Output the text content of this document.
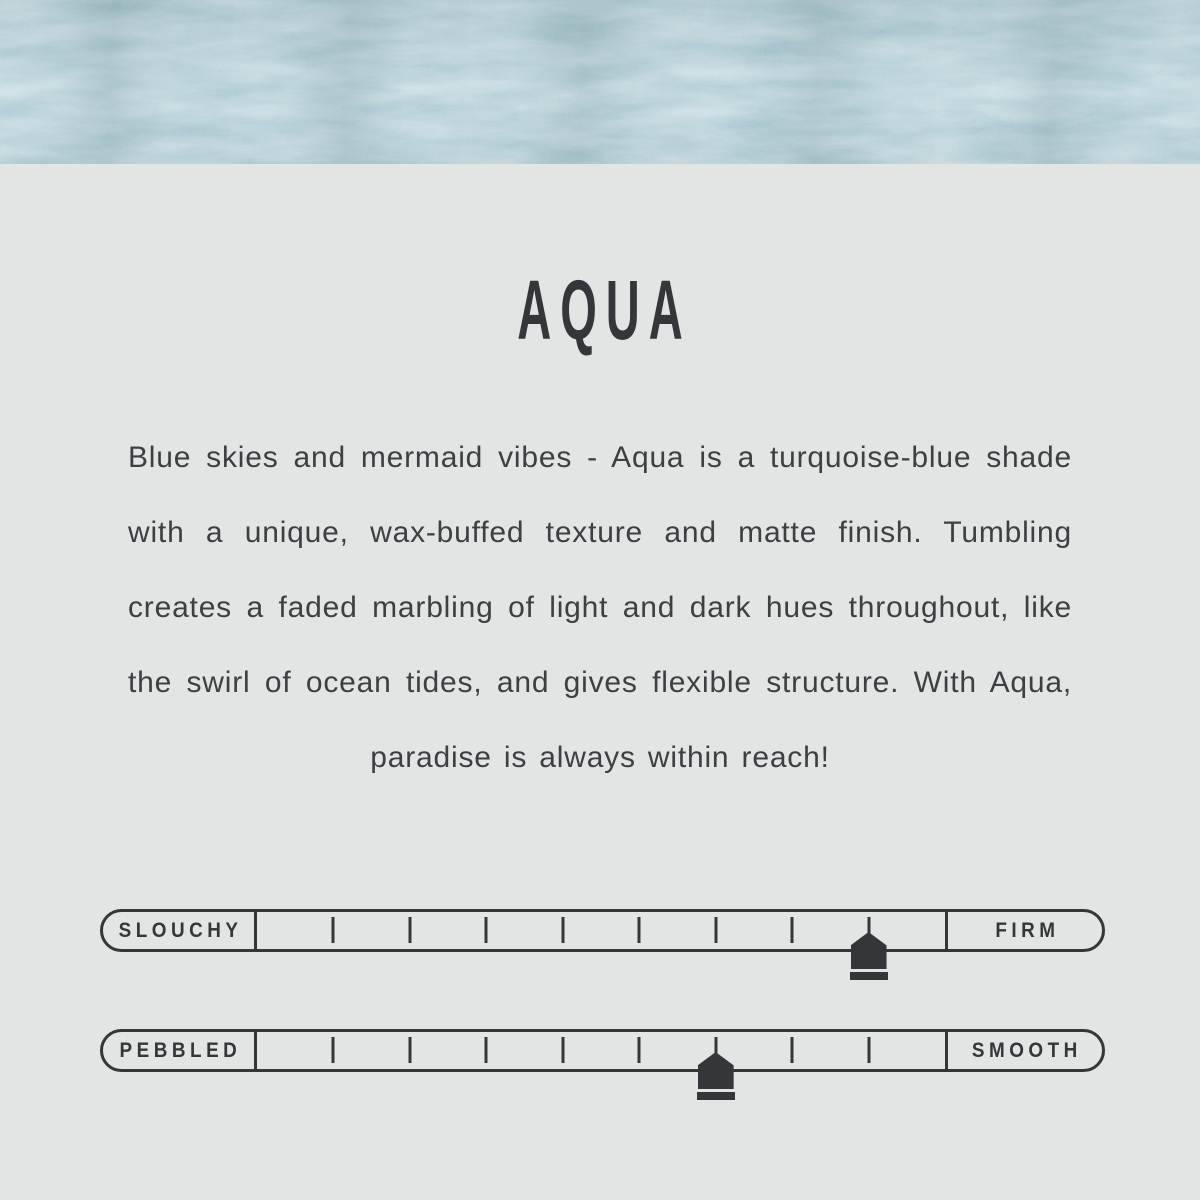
AQUA

Blue skies and mermaid vibes - Aqua is a turquoise-blue shade with a unique, wax-buffed texture and matte finish. Tumbling creates a faded marbling of light and dark hues throughout, like the swirl of ocean tides, and gives flexible structure. With Aqua, paradise is always within reach!

SLOUCHY	FIRM
PEBBLED	SMOOTH
